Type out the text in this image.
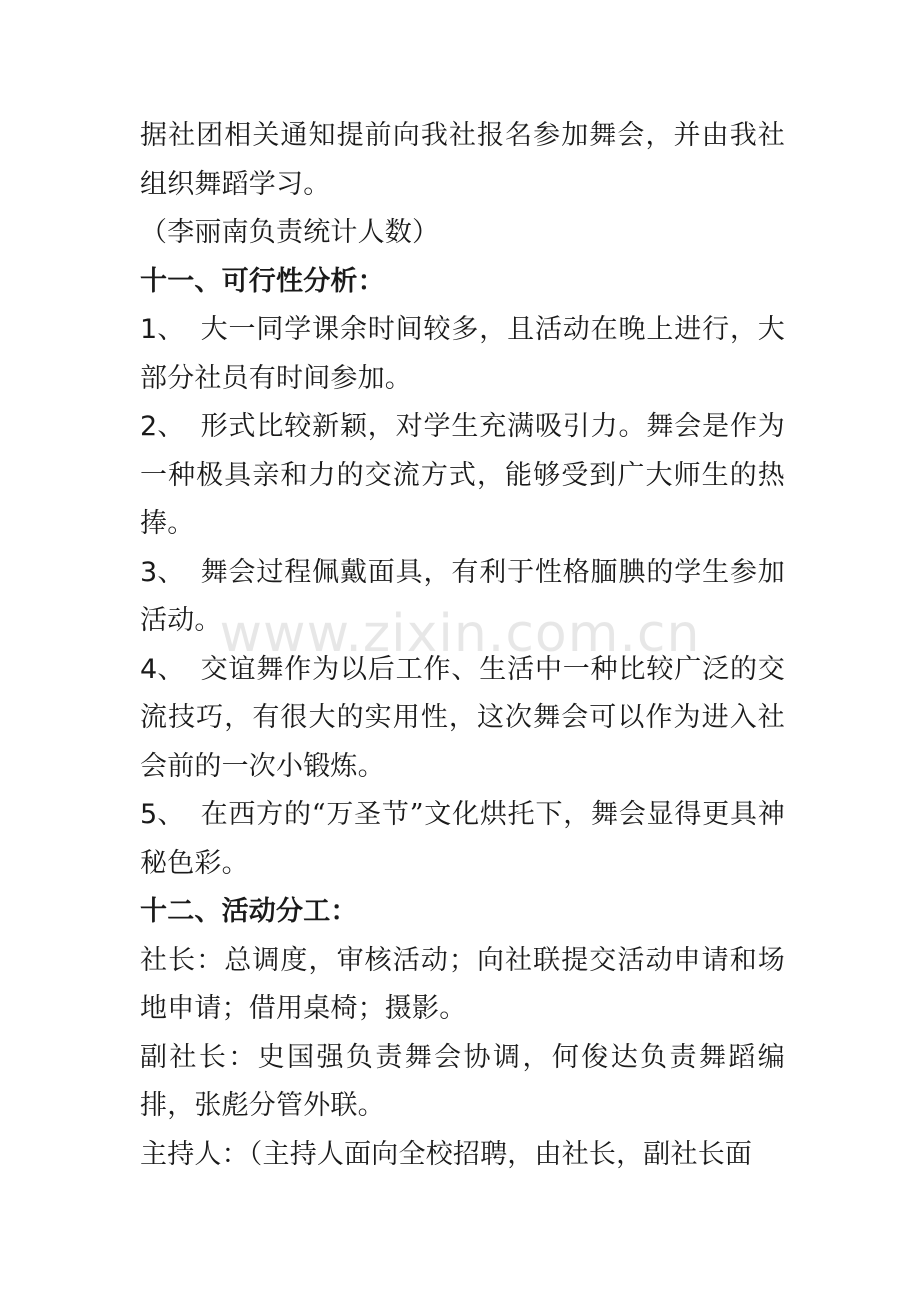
据社团相关通知提前向我社报名参加舞会，并由我社组织舞蹈学习。

（李丽南负责统计人数）

十一、可行性分析：

1、 大一同学课余时间较多，且活动在晚上进行，大部分社员有时间参加。

2、 形式比较新颖，对学生充满吸引力。舞会是作为一种极具亲和力的交流方式，能够受到广大师生的热捧。

3、 舞会过程佩戴面具，有利于性格腼腆的学生参加活动。

4、 交谊舞作为以后工作、生活中一种比较广泛的交流技巧，有很大的实用性，这次舞会可以作为进入社会前的一次小锻炼。

5、 在西方的“万圣节”文化烘托下，舞会显得更具神秘色彩。

十二、活动分工：

社长：总调度，审核活动；向社联提交活动申请和场地申请；借用桌椅；摄影。

副社长：史国强负责舞会协调，何俊达负责舞蹈编排，张彪分管外联。

主持人：（主持人面向全校招聘，由社长，副社长面

www.zixin.com.cn
